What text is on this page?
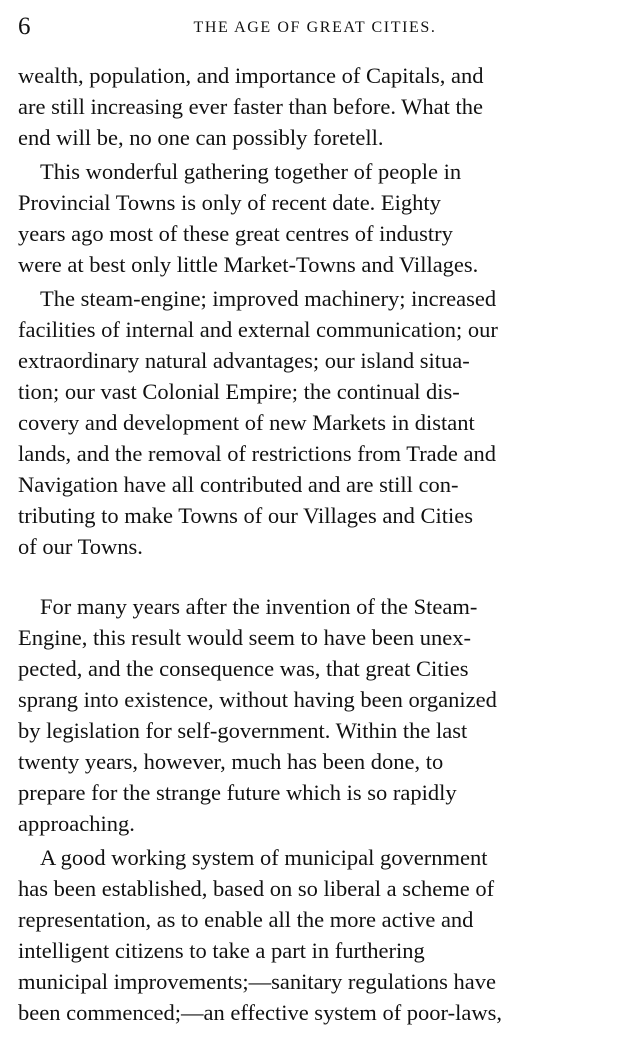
6	THE AGE OF GREAT CITIES.
wealth, population, and importance of Capitals, and
are still increasing ever faster than before. What the
end will be, no one can possibly foretell.
This wonderful gathering together of people in
Provincial Towns is only of recent date. Eighty
years ago most of these great centres of industry
were at best only little Market-Towns and Villages.
The steam-engine; improved machinery; increased
facilities of internal and external communication; our
extraordinary natural advantages; our island situa-
tion; our vast Colonial Empire; the continual dis-
covery and development of new Markets in distant
lands, and the removal of restrictions from Trade and
Navigation have all contributed and are still con-
tributing to make Towns of our Villages and Cities
of our Towns.
For many years after the invention of the Steam-
Engine, this result would seem to have been unex-
pected, and the consequence was, that great Cities
sprang into existence, without having been organized
by legislation for self-government. Within the last
twenty years, however, much has been done, to
prepare for the strange future which is so rapidly
approaching.
A good working system of municipal government
has been established, based on so liberal a scheme of
representation, as to enable all the more active and
intelligent citizens to take a part in furthering
municipal improvements;—sanitary regulations have
been commenced;—an effective system of poor-laws,
